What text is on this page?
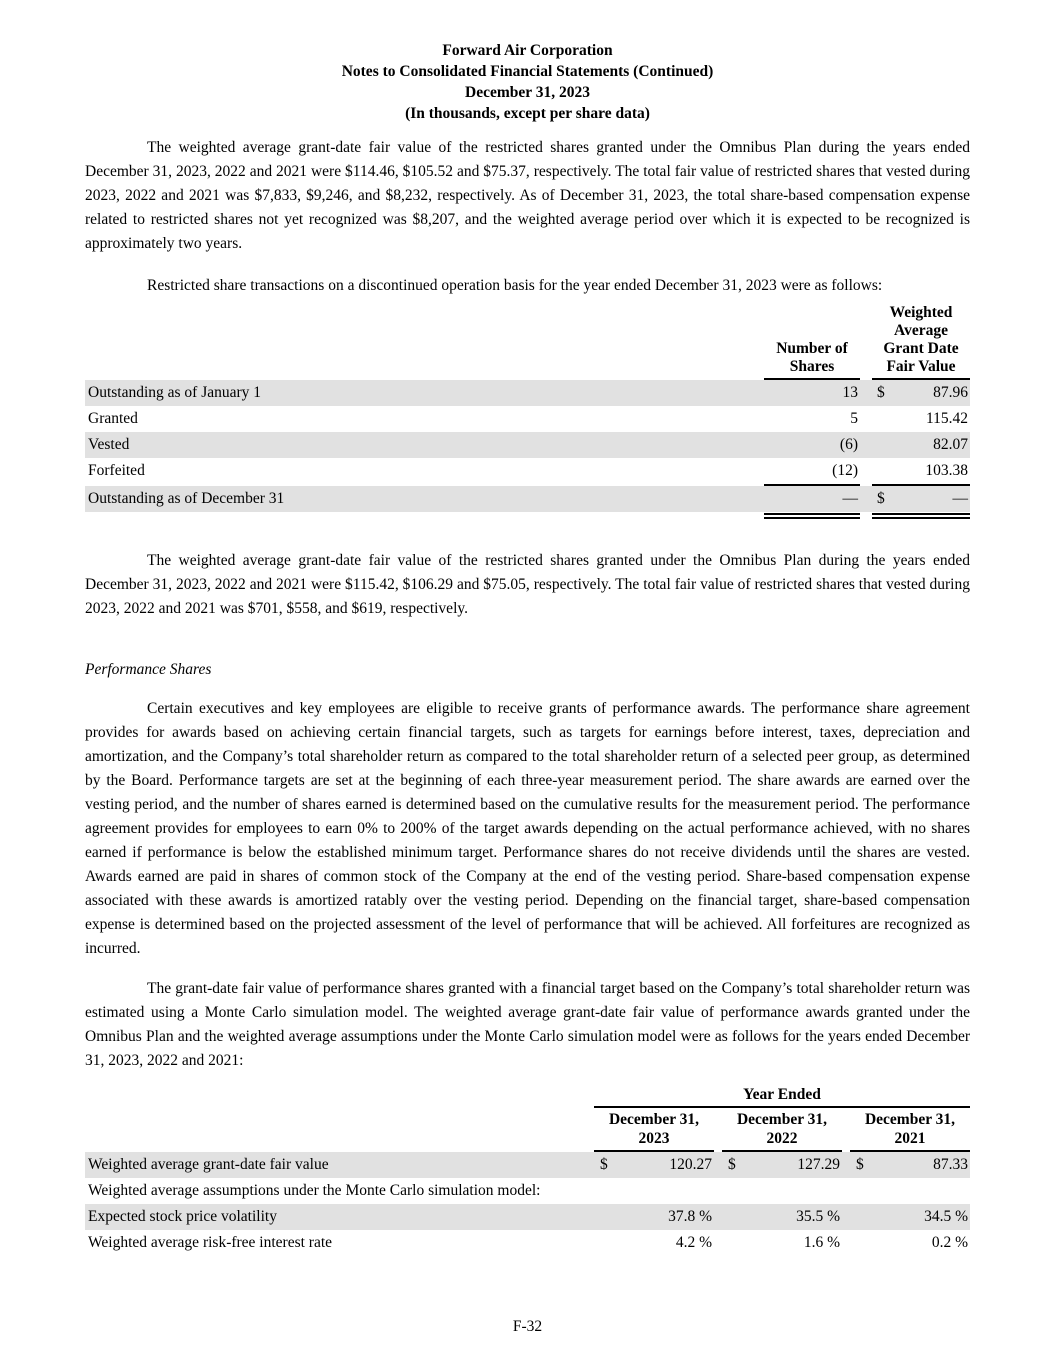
Forward Air Corporation
Notes to Consolidated Financial Statements (Continued)
December 31, 2023
(In thousands, except per share data)

The weighted average grant-date fair value of the restricted shares granted under the Omnibus Plan during the years ended December 31, 2023, 2022 and 2021 were $114.46, $105.52 and $75.37, respectively. The total fair value of restricted shares that vested during 2023, 2022 and 2021 was $7,833, $9,246, and $8,232, respectively. As of December 31, 2023, the total share-based compensation expense related to restricted shares not yet recognized was $8,207, and the weighted average period over which it is expected to be recognized is approximately two years.

Restricted share transactions on a discontinued operation basis for the year ended December 31, 2023 were as follows:

Number of Shares
Weighted Average Grant Date Fair Value
Outstanding as of January 1	13	$	87.96
Granted	5	115.42
Vested	(6)	82.07
Forfeited	(12)	103.38
Outstanding as of December 31	—	$	—

The weighted average grant-date fair value of the restricted shares granted under the Omnibus Plan during the years ended December 31, 2023, 2022 and 2021 were $115.42, $106.29 and $75.05, respectively. The total fair value of restricted shares that vested during 2023, 2022 and 2021 was $701, $558, and $619, respectively.

Performance Shares

Certain executives and key employees are eligible to receive grants of performance awards. The performance share agreement provides for awards based on achieving certain financial targets, such as targets for earnings before interest, taxes, depreciation and amortization, and the Company’s total shareholder return as compared to the total shareholder return of a selected peer group, as determined by the Board. Performance targets are set at the beginning of each three-year measurement period. The share awards are earned over the vesting period, and the number of shares earned is determined based on the cumulative results for the measurement period. The performance agreement provides for employees to earn 0% to 200% of the target awards depending on the actual performance achieved, with no shares earned if performance is below the established minimum target. Performance shares do not receive dividends until the shares are vested. Awards earned are paid in shares of common stock of the Company at the end of the vesting period. Share-based compensation expense associated with these awards is amortized ratably over the vesting period. Depending on the financial target, share-based compensation expense is determined based on the projected assessment of the level of performance that will be achieved. All forfeitures are recognized as incurred.

The grant-date fair value of performance shares granted with a financial target based on the Company’s total shareholder return was estimated using a Monte Carlo simulation model. The weighted average grant-date fair value of performance awards granted under the Omnibus Plan and the weighted average assumptions under the Monte Carlo simulation model were as follows for the years ended December 31, 2023, 2022 and 2021:

Year Ended
December 31,
2023
December 31,
2022
December 31,
2021
Weighted average grant-date fair value	$	120.27	$	127.29	$	87.33
Weighted average assumptions under the Monte Carlo simulation model:
Expected stock price volatility	37.8 %	35.5 %	34.5 %
Weighted average risk-free interest rate	4.2 %	1.6 %	0.2 %
F-32
